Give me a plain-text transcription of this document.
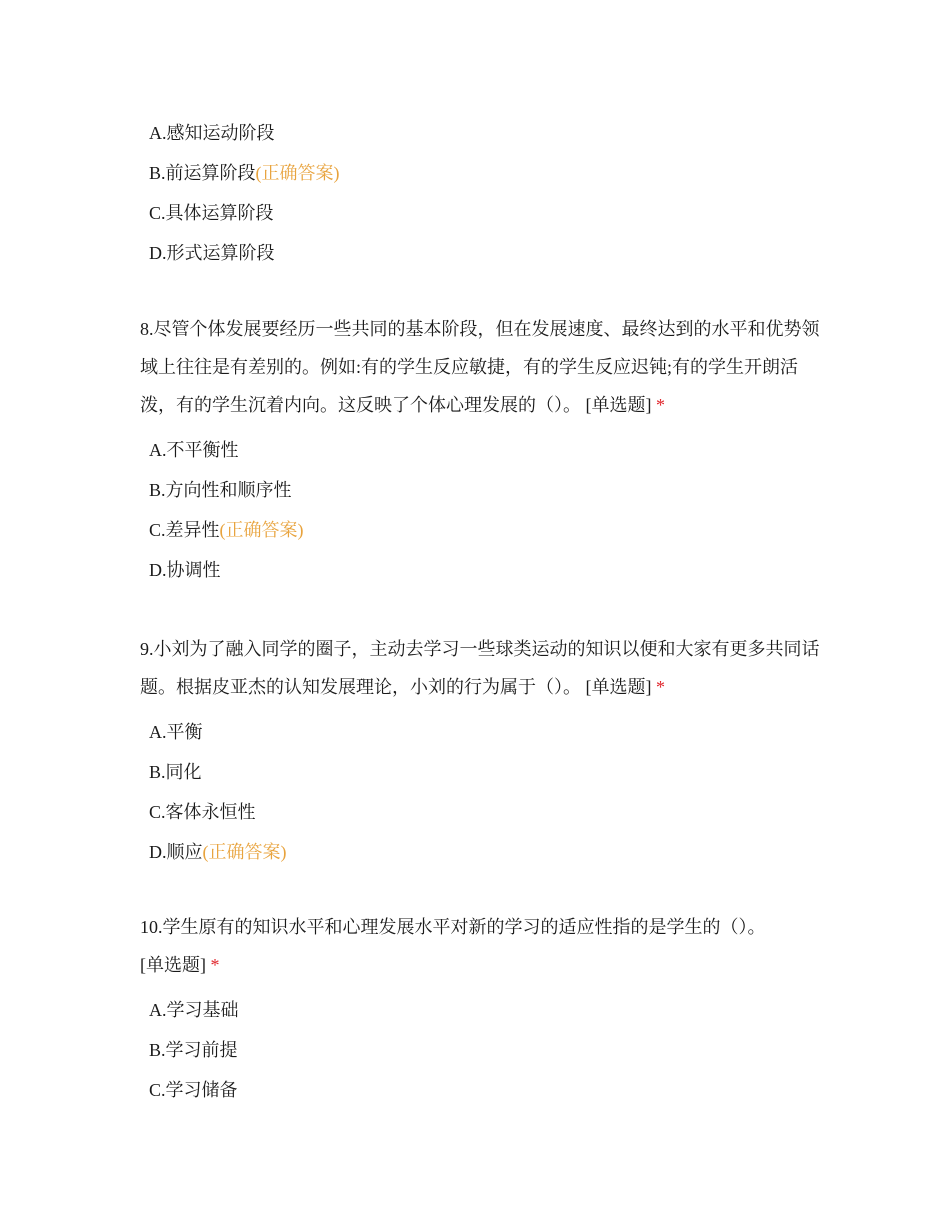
A.感知运动阶段
B.前运算阶段(正确答案)
C.具体运算阶段
D.形式运算阶段

8.尽管个体发展要经历一些共同的基本阶段，但在发展速度、最终达到的水平和优势领域上往往是有差别的。例如:有的学生反应敏捷，有的学生反应迟钝;有的学生开朗活泼，有的学生沉着内向。这反映了个体心理发展的（）。 [单选题] *

A.不平衡性
B.方向性和顺序性
C.差异性(正确答案)
D.协调性

9.小刘为了融入同学的圈子，主动去学习一些球类运动的知识以便和大家有更多共同话题。根据皮亚杰的认知发展理论，小刘的行为属于（）。 [单选题] *

A.平衡
B.同化
C.客体永恒性
D.顺应(正确答案)

10.学生原有的知识水平和心理发展水平对新的学习的适应性指的是学生的（）。
[单选题] *

A.学习基础
B.学习前提
C.学习储备
